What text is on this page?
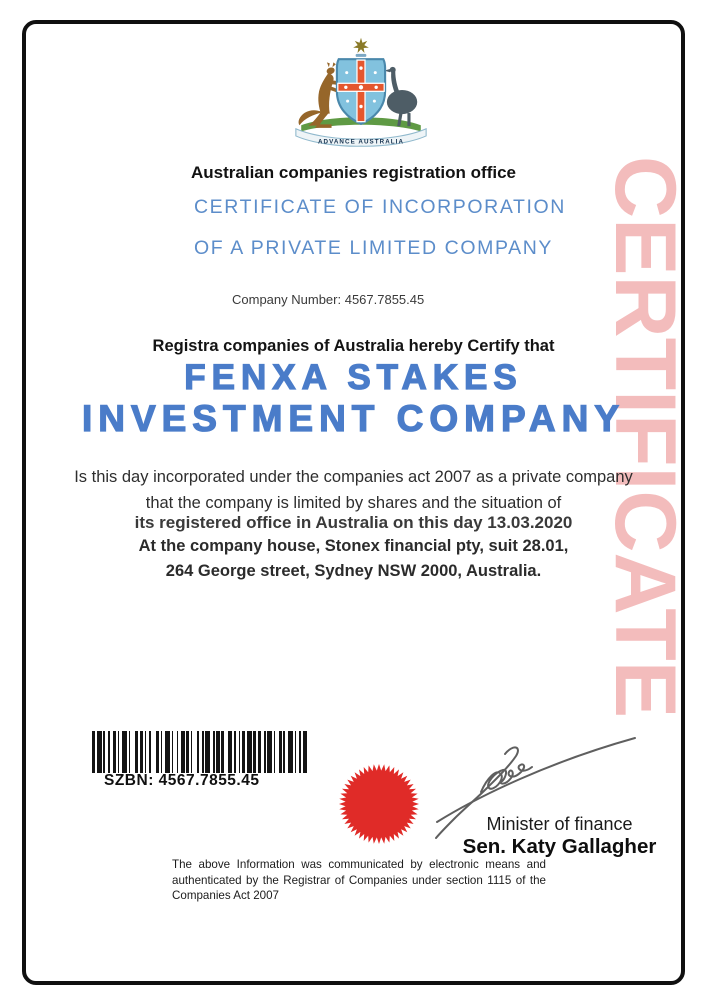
CERTIFICATE
ADVANCE AUSTRALIA
Australian companies registration office
CERTIFICATE OF INCORPORATION
OF A PRIVATE LIMITED COMPANY
Company Number: 4567.7855.45
Registra companies of Australia hereby Certify that
FENXA STAKES
INVESTMENT COMPANY
Is this day incorporated under the companies act 2007 as a private company that the company is limited by shares and the situation of
its registered office in Australia on this day 13.03.2020
At the company house, Stonex financial pty, suit 28.01,
264 George street, Sydney NSW 2000, Australia.
SZBN: 4567.7855.45
Minister of finance
Sen. Katy Gallagher
The above Information was communicated by electronic means and authenticated by the Registrar of Companies under section 1115 of the Companies Act 2007
